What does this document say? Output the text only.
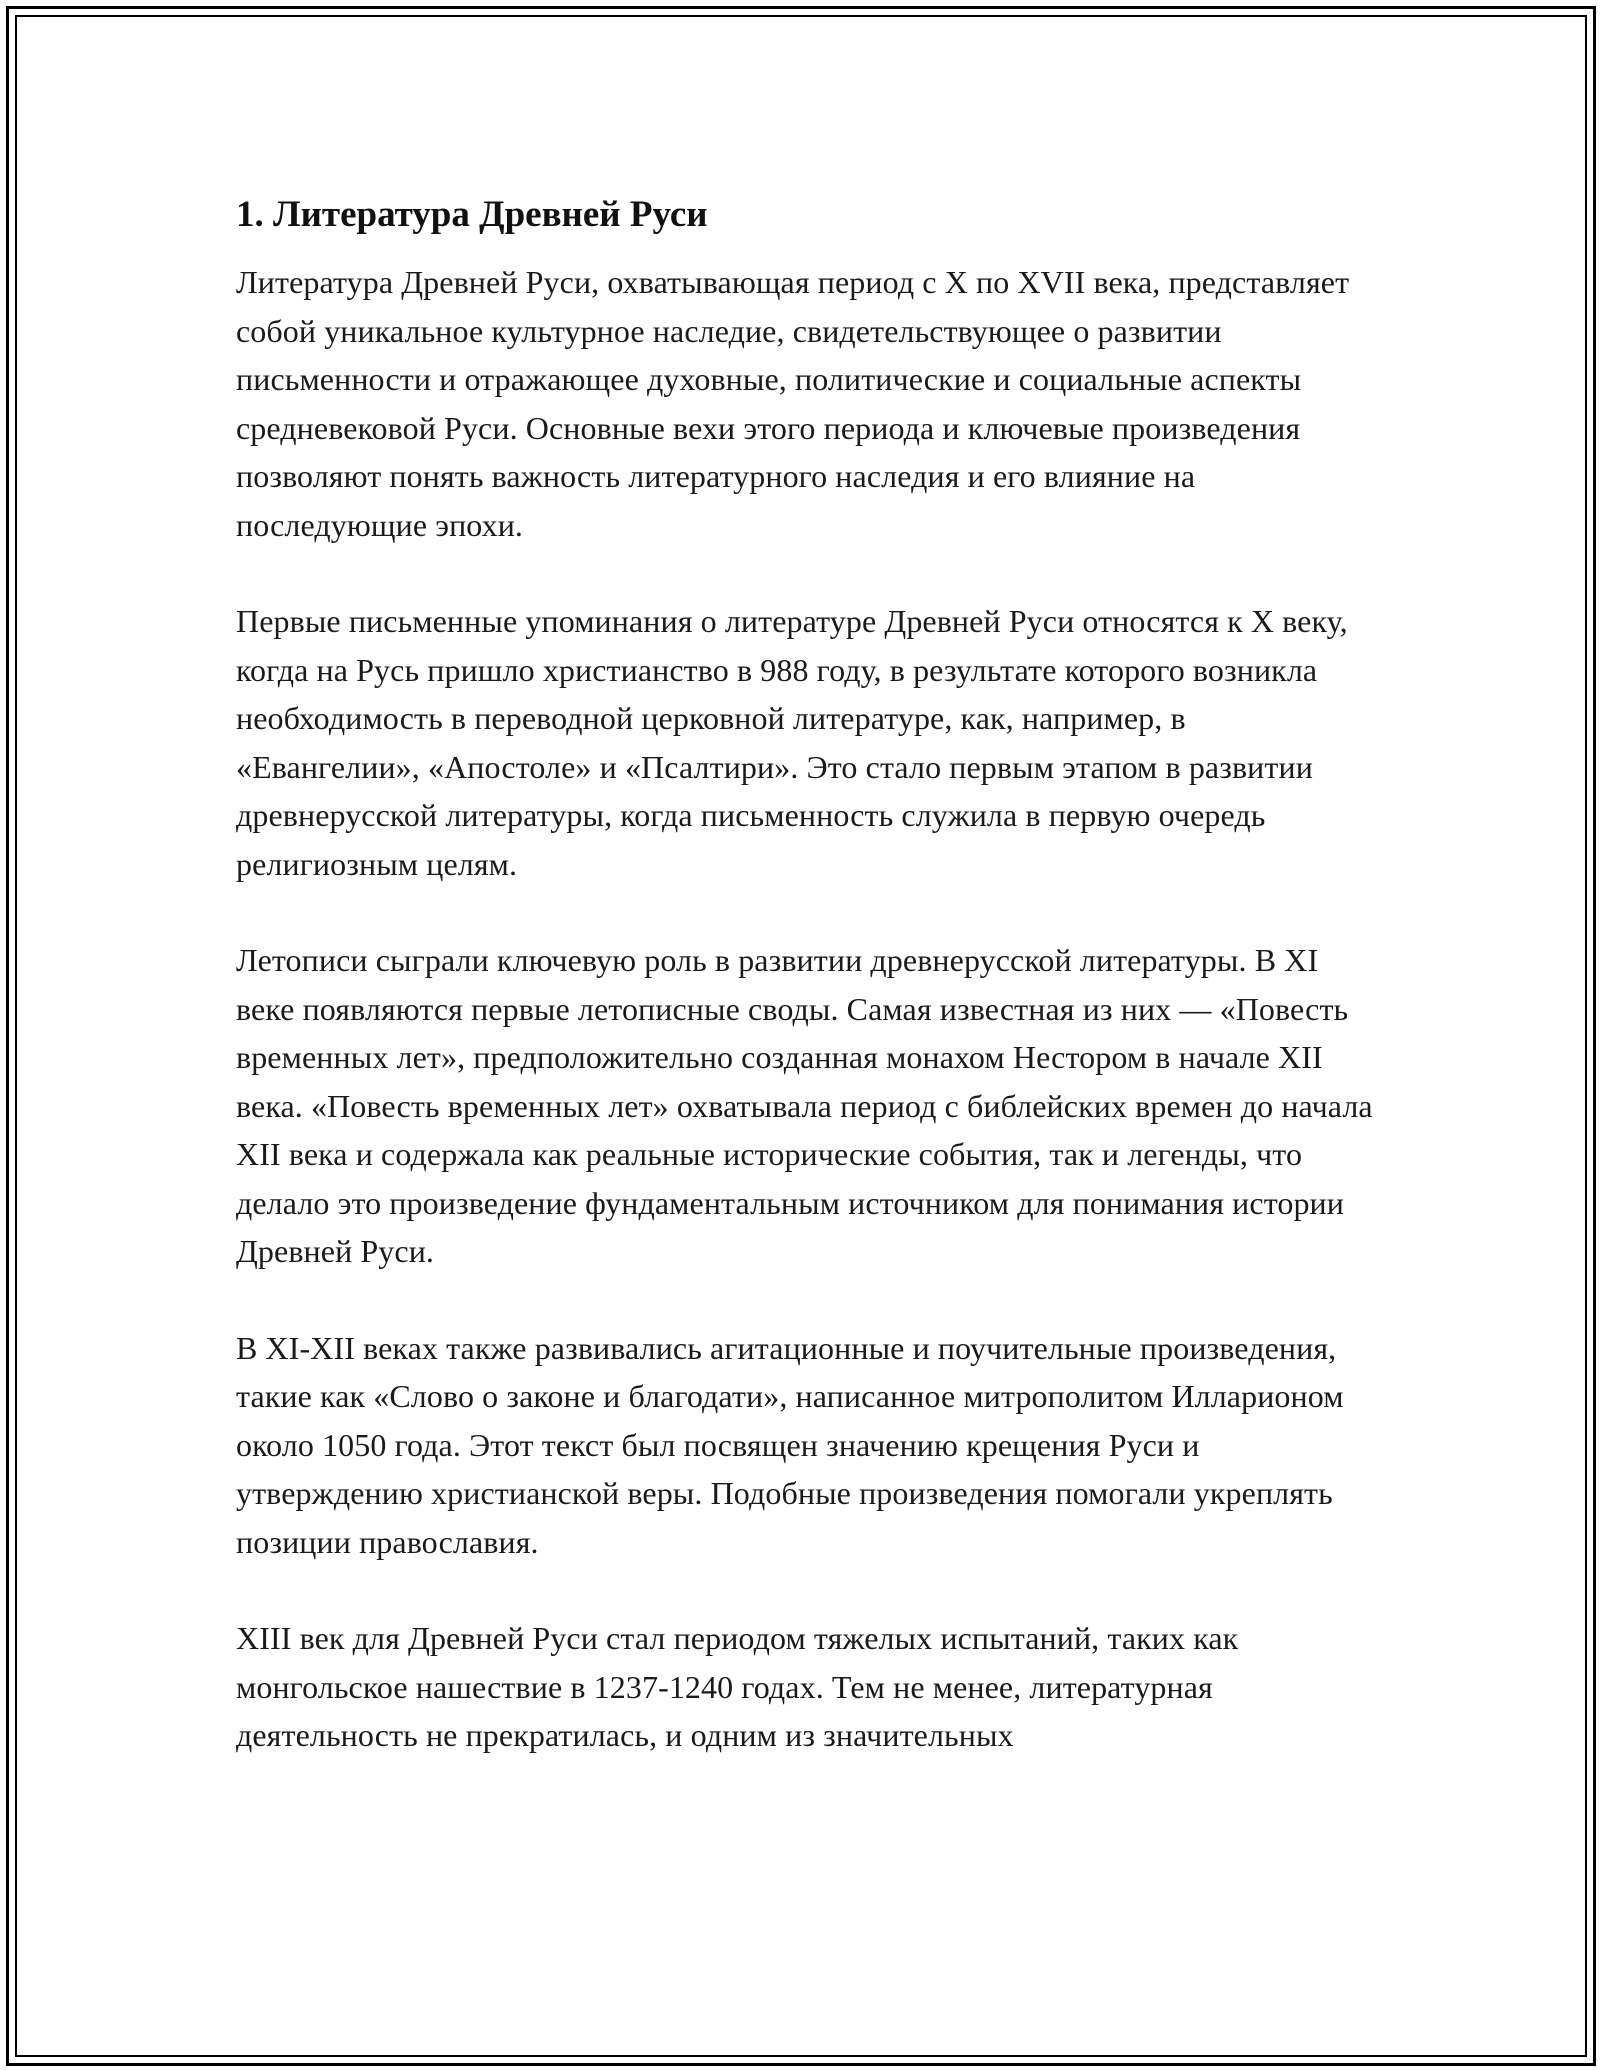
1. Литература Древней Руси

Литература Древней Руси, охватывающая период с X по XVII века, представляет собой уникальное культурное наследие, свидетельствующее о развитии письменности и отражающее духовные, политические и социальные аспекты средневековой Руси. Основные вехи этого периода и ключевые произведения позволяют понять важность литературного наследия и его влияние на последующие эпохи.

Первые письменные упоминания о литературе Древней Руси относятся к X веку, когда на Русь пришло христианство в 988 году, в результате которого возникла необходимость в переводной церковной литературе, как, например, в «Евангелии», «Апостоле» и «Псалтири». Это стало первым этапом в развитии древнерусской литературы, когда письменность служила в первую очередь религиозным целям.

Летописи сыграли ключевую роль в развитии древнерусской литературы. В XI веке появляются первые летописные своды. Самая известная из них — «Повесть временных лет», предположительно созданная монахом Нестором в начале XII века. «Повесть временных лет» охватывала период с библейских времен до начала XII века и содержала как реальные исторические события, так и легенды, что делало это произведение фундаментальным источником для понимания истории Древней Руси.

В XI-XII веках также развивались агитационные и поучительные произведения, такие как «Слово о законе и благодати», написанное митрополитом Илларионом около 1050 года. Этот текст был посвящен значению крещения Руси и утверждению христианской веры. Подобные произведения помогали укреплять позиции православия.

XIII век для Древней Руси стал периодом тяжелых испытаний, таких как монгольское нашествие в 1237-1240 годах. Тем не менее, литературная деятельность не прекратилась, и одним из значительных
